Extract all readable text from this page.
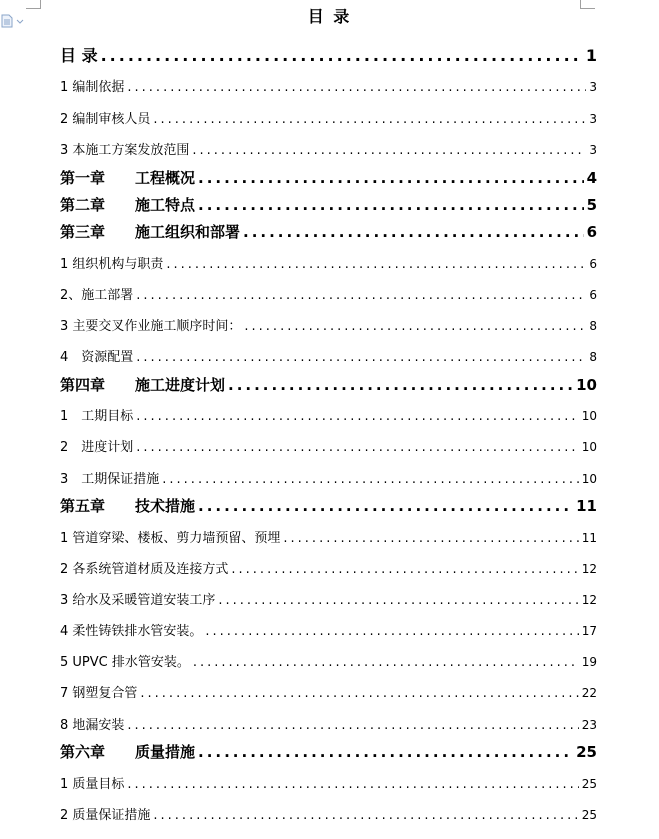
目 录
目 录 .....	1
1 编制依据 .....	3
2 编制审核人员 .....	3
3 本施工方案发放范围 .....	3
第一章　　工程概况 .....	4
第二章　　施工特点 .....	5
第三章　　施工组织和部署 .....	6
1 组织机构与职责 .....	6
2、施工部署 .....	6
3 主要交叉作业施工顺序时间： .....	8
4　资源配置 .....	8
第四章　　施工进度计划 .....	10
1　工期目标 .....	10
2　进度计划 .....	10
3　工期保证措施 .....	10
第五章　　技术措施 .....	11
1 管道穿梁、楼板、剪力墙预留、预埋 .....	11
2 各系统管道材质及连接方式 .....	12
3 给水及采暖管道安装工序 .....	12
4 柔性铸铁排水管安装。 .....	17
5 UPVC 排水管安装。 .....	19
7 钢塑复合管 .....	22
8 地漏安装 .....	23
第六章　　质量措施 .....	25
1 质量目标 .....	25
2 质量保证措施 .....	25
